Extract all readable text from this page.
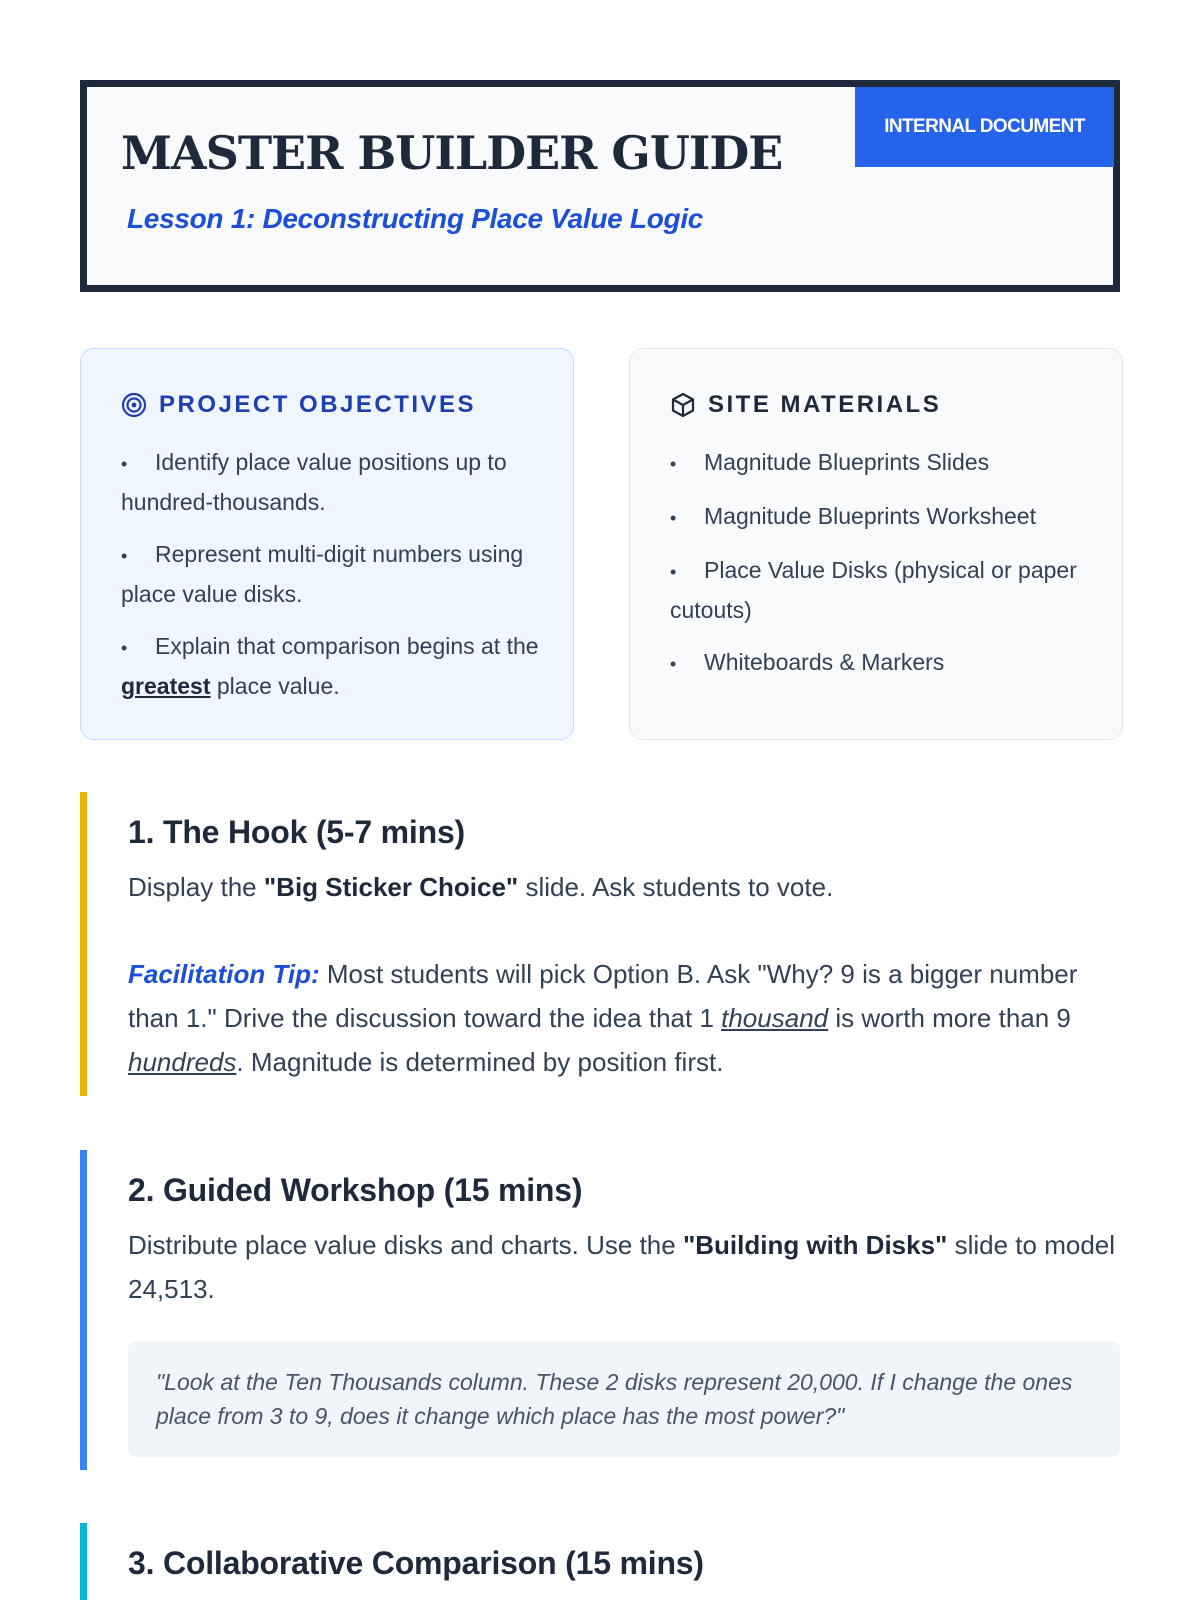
INTERNAL DOCUMENT
MASTER BUILDER GUIDE
Lesson 1: Deconstructing Place Value Logic
PROJECT OBJECTIVES
• Identify place value positions up to hundred-thousands.
• Represent multi-digit numbers using place value disks.
• Explain that comparison begins at the greatest place value.
SITE MATERIALS
• Magnitude Blueprints Slides
• Magnitude Blueprints Worksheet
• Place Value Disks (physical or paper cutouts)
• Whiteboards & Markers
1. The Hook (5-7 mins)

Display the "Big Sticker Choice" slide. Ask students to vote.

Facilitation Tip: Most students will pick Option B. Ask "Why? 9 is a bigger number than 1." Drive the discussion toward the idea that 1 thousand is worth more than 9 hundreds. Magnitude is determined by position first.

2. Guided Workshop (15 mins)

Distribute place value disks and charts. Use the "Building with Disks" slide to model 24,513.

"Look at the Ten Thousands column. These 2 disks represent 20,000. If I change the ones place from 3 to 9, does it change which place has the most power?"
3. Collaborative Comparison (15 mins)
